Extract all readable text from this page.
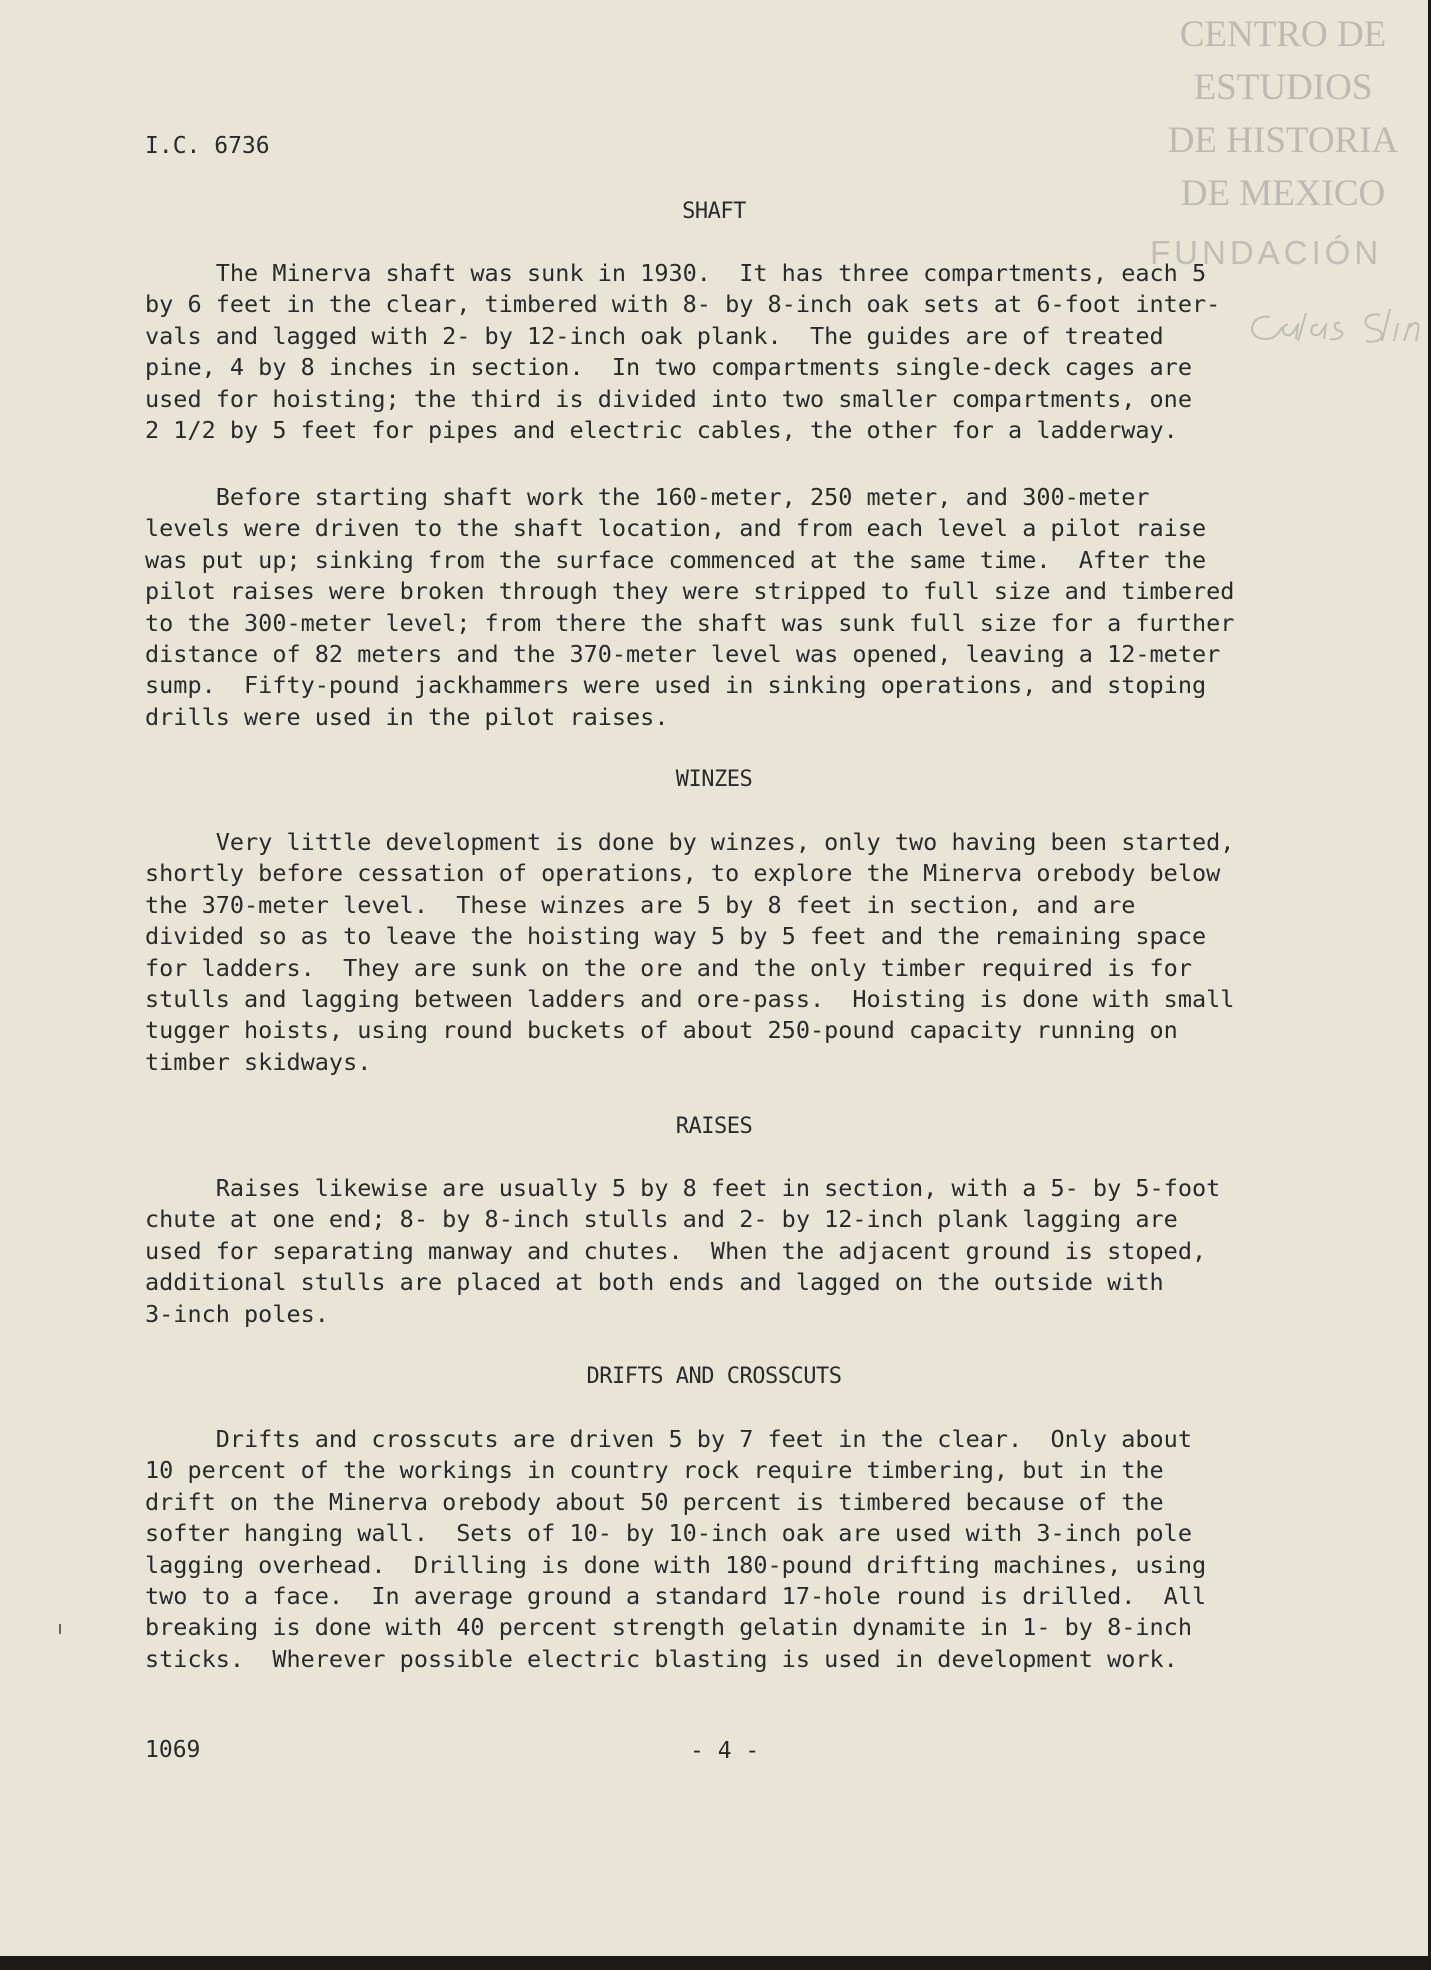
CENTRO DE
ESTUDIOS
DE HISTORIA
DE MEXICO
FUNDACIÓN
I.C. 6736
SHAFT
The Minerva shaft was sunk in 1930.  It has three compartments, each 5
by 6 feet in the clear, timbered with 8- by 8-inch oak sets at 6-foot inter-
vals and lagged with 2- by 12-inch oak plank.  The guides are of treated
pine, 4 by 8 inches in section.  In two compartments single-deck cages are
used for hoisting; the third is divided into two smaller compartments, one
2 1/2 by 5 feet for pipes and electric cables, the other for a ladderway.
Before starting shaft work the 160-meter, 250 meter, and 300-meter
levels were driven to the shaft location, and from each level a pilot raise
was put up; sinking from the surface commenced at the same time.  After the
pilot raises were broken through they were stripped to full size and timbered
to the 300-meter level; from there the shaft was sunk full size for a further
distance of 82 meters and the 370-meter level was opened, leaving a 12-meter
sump.  Fifty-pound jackhammers were used in sinking operations, and stoping
drills were used in the pilot raises.
WINZES
Very little development is done by winzes, only two having been started,
shortly before cessation of operations, to explore the Minerva orebody below
the 370-meter level.  These winzes are 5 by 8 feet in section, and are
divided so as to leave the hoisting way 5 by 5 feet and the remaining space
for ladders.  They are sunk on the ore and the only timber required is for
stulls and lagging between ladders and ore-pass.  Hoisting is done with small
tugger hoists, using round buckets of about 250-pound capacity running on
timber skidways.
RAISES
Raises likewise are usually 5 by 8 feet in section, with a 5- by 5-foot
chute at one end; 8- by 8-inch stulls and 2- by 12-inch plank lagging are
used for separating manway and chutes.  When the adjacent ground is stoped,
additional stulls are placed at both ends and lagged on the outside with
3-inch poles.
DRIFTS AND CROSSCUTS
Drifts and crosscuts are driven 5 by 7 feet in the clear.  Only about
10 percent of the workings in country rock require timbering, but in the
drift on the Minerva orebody about 50 percent is timbered because of the
softer hanging wall.  Sets of 10- by 10-inch oak are used with 3-inch pole
lagging overhead.  Drilling is done with 180-pound drifting machines, using
two to a face.  In average ground a standard 17-hole round is drilled.  All
breaking is done with 40 percent strength gelatin dynamite in 1- by 8-inch
sticks.  Wherever possible electric blasting is used in development work.
1069	- 4 -
